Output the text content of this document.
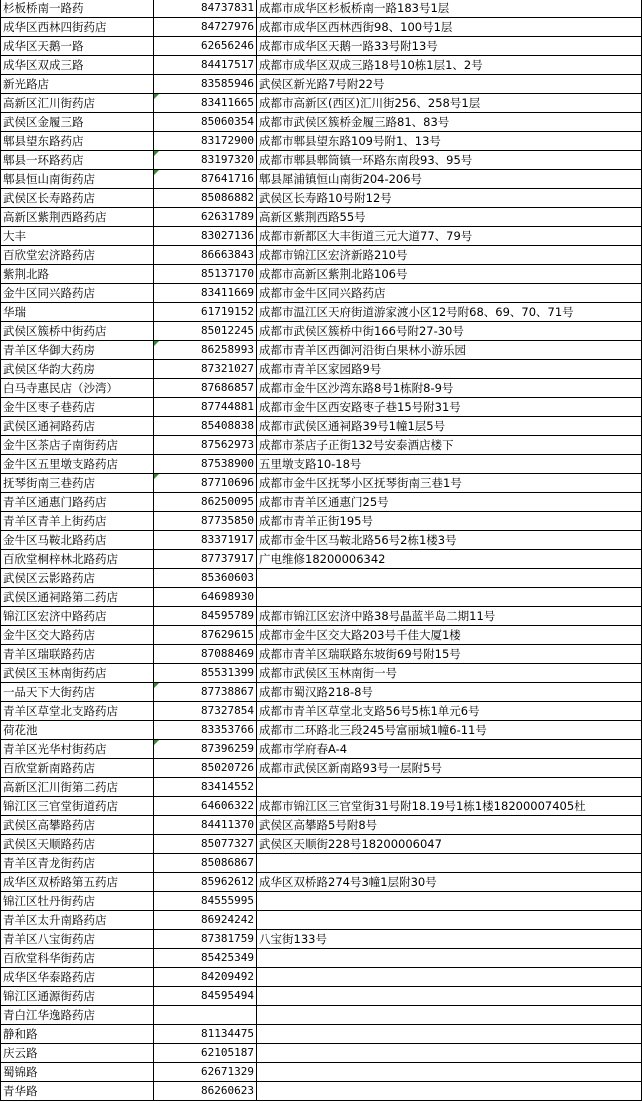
杉板桥南一路药	84737831	成都市成华区杉板桥南一路183号1层
成华区西林四街药店	84727976	成都市成华区西林西街98、100号1层
成华区天鹅一路	62656246	成都市成华区天鹅一路33号附13号
成华区双成三路	84417517	成都市成华区双成三路18号10栋1层1、2号
新光路店	83585946	武侯区新光路7号附22号
高新区汇川街药店	83411665	成都市高新区(西区)汇川街256、258号1层
武侯区金履三路	85060354	成都市武侯区簇桥金履三路81、83号
郫县望东路药店	83172900	成都市郫县望东路109号附1、13号
郫县一环路药店	83197320	成都市郫县郫筒镇一环路东南段93、95号
郫县恒山南街药店	87641716	郫县犀浦镇恒山南街204-206号
武侯区长寿路药店	85086882	武侯区长寿路10号附12号
高新区紫荆西路药店	62631789	高新区紫荆西路55号
大丰	83027136	成都市新都区大丰街道三元大道77、79号
百欣堂宏济路药店	86663843	成都市锦江区宏济新路210号
紫荆北路	85137170	成都市高新区紫荆北路106号
金牛区同兴路药店	83411669	成都市金牛区同兴路药店
华瑞	61719152	成都市温江区天府街道游家渡小区12号附68、69、70、71号
武侯区簇桥中街药店	85012245	成都市武侯区簇桥中街166号附27-30号
青羊区华御大药房	86258993	成都市青羊区西御河沿街白果林小游乐园
武侯区华韵大药房	87321027	成都市青羊区家园路9号
白马寺惠民店（沙湾）	87686857	成都市金牛区沙湾东路8号1栋附8-9号
金牛区枣子巷药店	87744881	成都市金牛区西安路枣子巷15号附31号
武侯区通祠路药店	85408838	成都市武侯区通祠路39号1幢1层5号
金牛区茶店子南街药店	87562973	成都市茶店子正街132号安泰酒店楼下
金牛区五里墩支路药店	87538900	五里墩支路10-18号
抚琴街南三巷药店	87710696	成都市金牛区抚琴小区抚琴街南三巷1号
青羊区通惠门路药店	86250095	成都市青羊区通惠门25号
青羊区青羊上街药店	87735850	成都市青羊正街195号
金牛区马鞍北路药店	83371917	成都市金牛区马鞍北路56号2栋1楼3号
百欣堂桐梓林北路药店	87737917	广电维修18200006342
武侯区云影路药店	85360603	
武侯区通祠路第二药店	64698930	
锦江区宏济中路药店	84595789	成都市锦江区宏济中路38号晶蓝半岛二期11号
金牛区交大路药店	87629615	成都市金牛区交大路203号千佳大厦1楼
青羊区瑞联路药店	87088469	成都市青羊区瑞联路东坡街69号附15号
武侯区玉林南街药店	85531399	成都市武侯区玉林南街一号
一品天下大街药店	87738867	成都市蜀汉路218-8号
青羊区草堂北支路药店	87327854	成都市青羊区草堂北支路56号5栋1单元6号
荷花池	83353766	成都市二环路北三段245号富丽城1幢6-11号
青羊区光华村街药店	87396259	成都市学府春A-4
百欣堂新南路药店	85020726	成都市武侯区新南路93号一层附5号
高新区汇川街第二药店	83414552	
锦江区三官堂街道药店	64606322	成都市锦江区三官堂街31号附18.19号1栋1楼18200007405杜
武侯区高攀路药店	84411370	武侯区高攀路5号附8号
武侯区天顺路药店	85077327	武侯区天顺街228号18200006047
青羊区青龙街药店	85086867	
成华区双桥路第五药店	85962612	成华区双桥路274号3幢1层附30号
锦江区牡丹街药店	84555995	
青羊区太升南路药店	86924242	
青羊区八宝街药店	87381759	八宝街133号
百欣堂科华街药店	85425349	
成华区华泰路药店	84209492	
锦江区通源街药店	84595494	
青白江华逸路药店		
静和路	81134475	
庆云路	62105187	
蜀锦路	62671329	
青华路	86260623	
